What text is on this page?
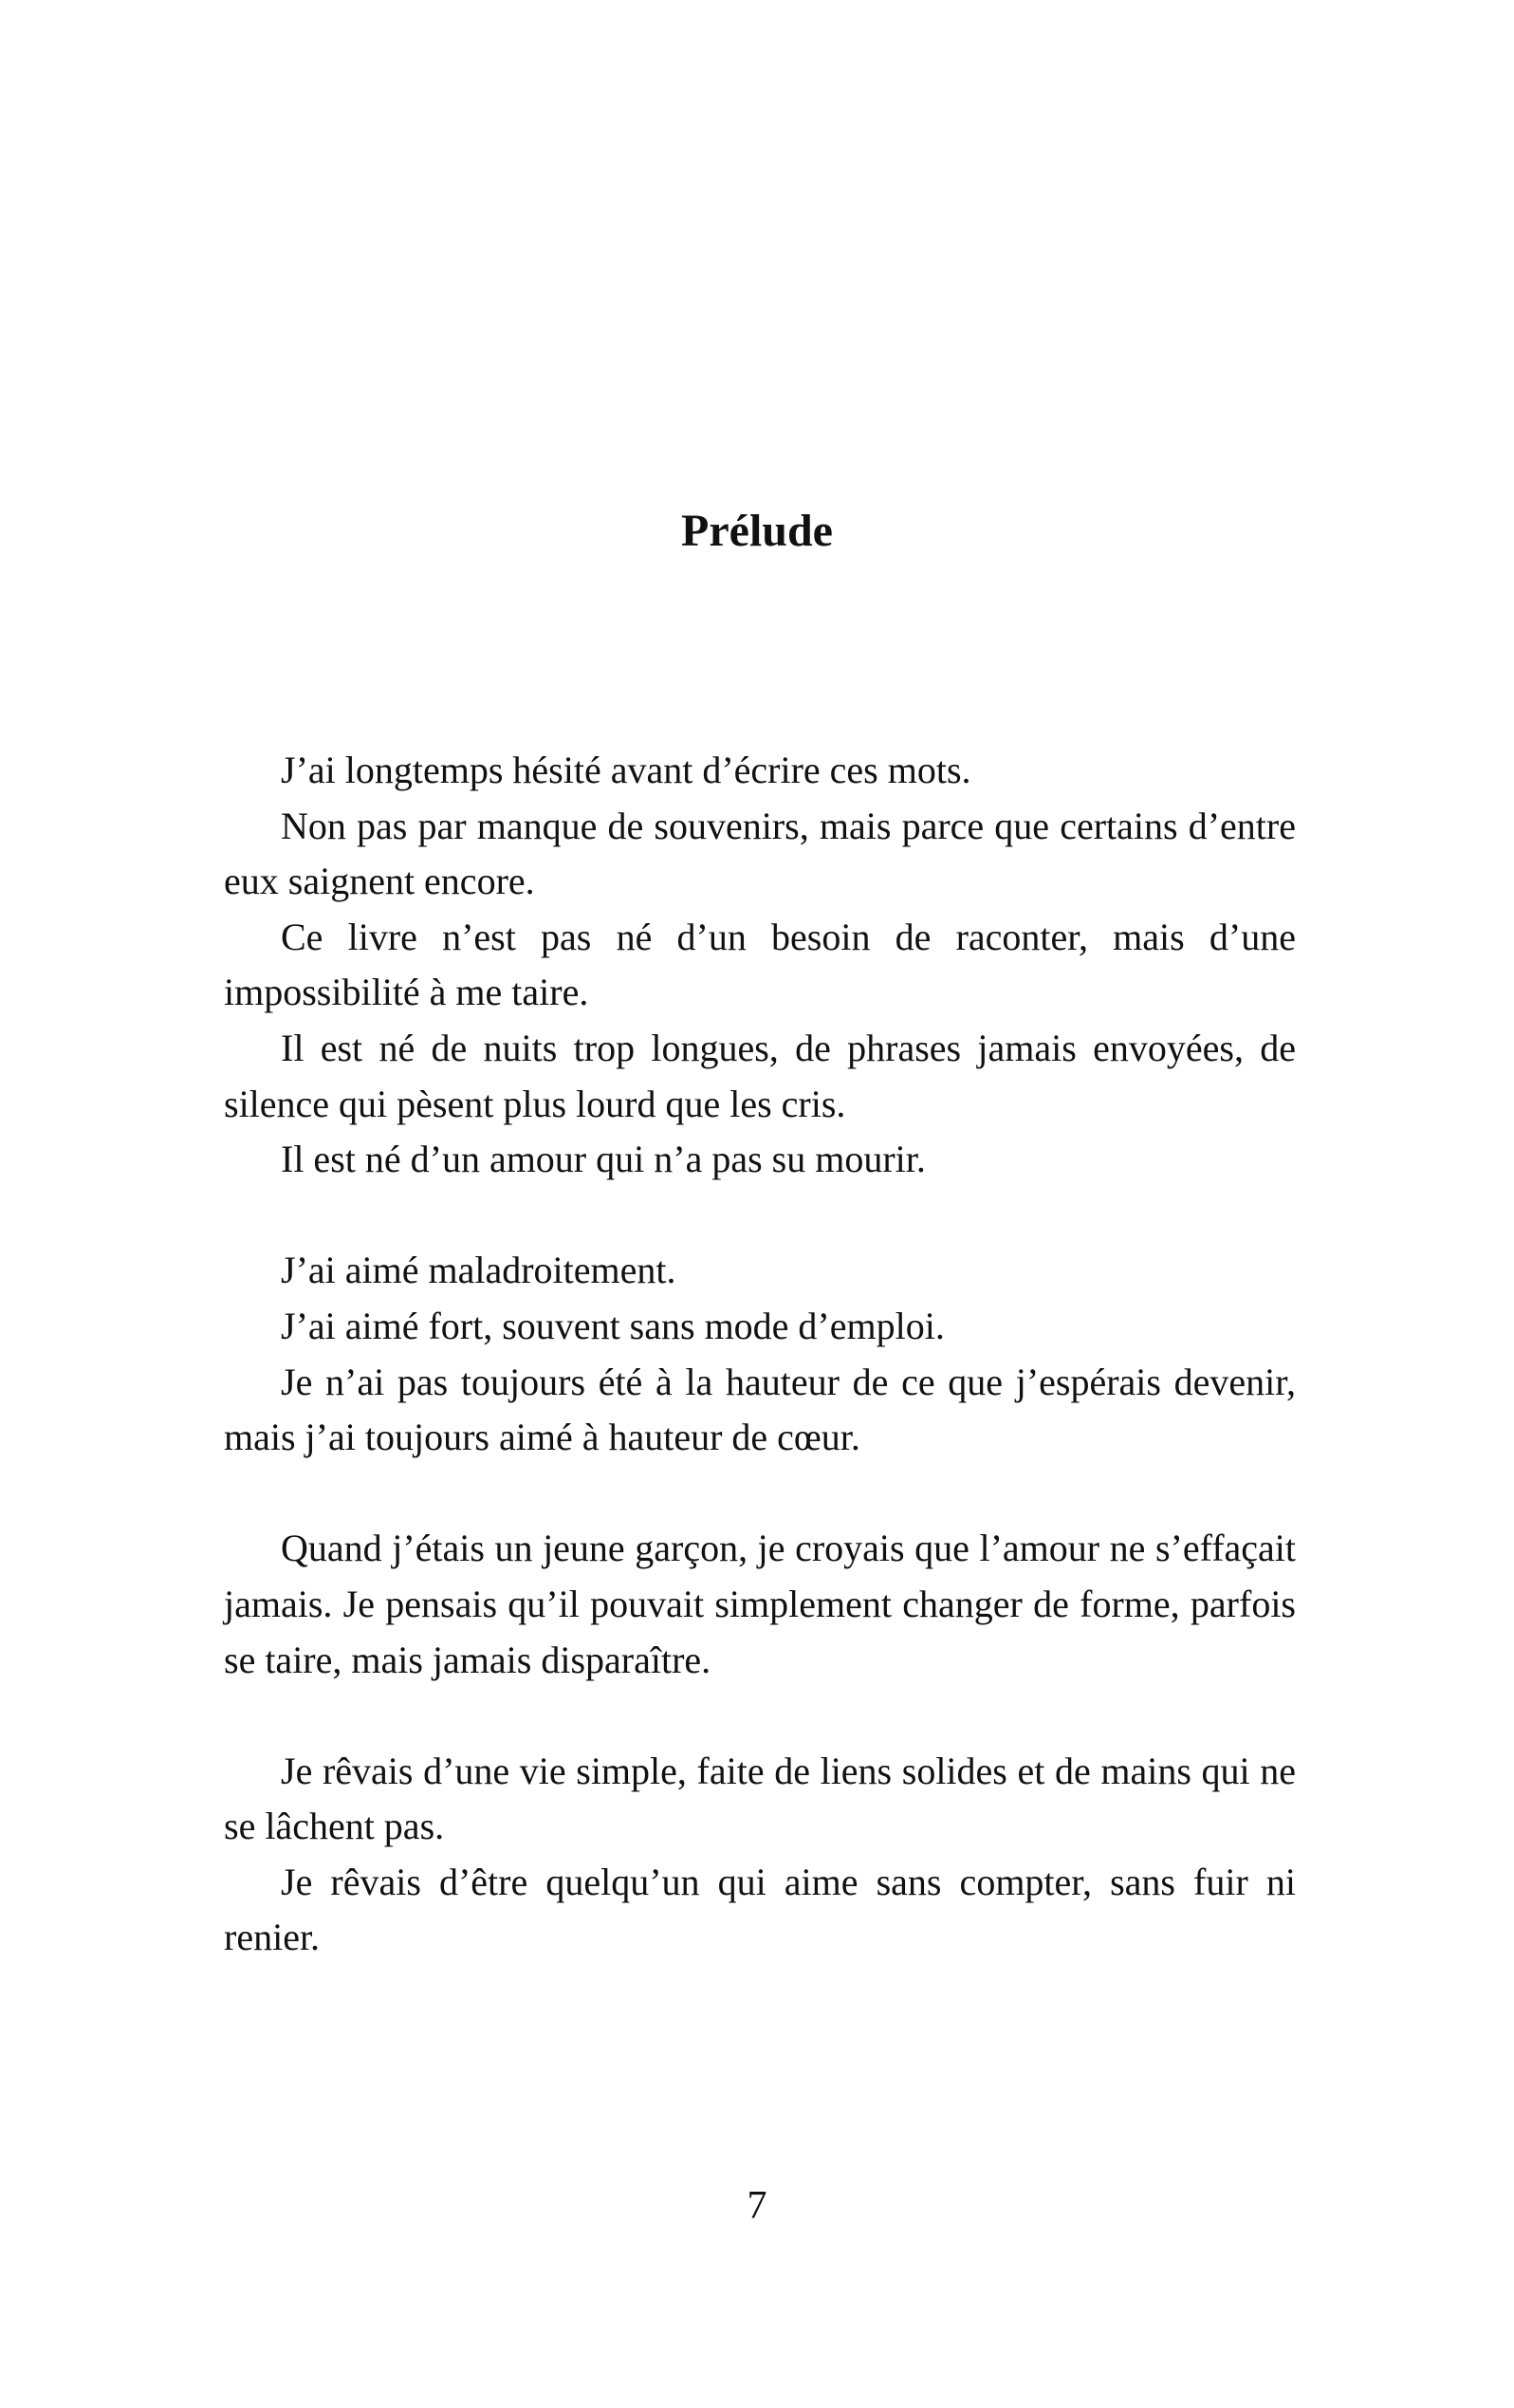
Prélude

J’ai longtemps hésité avant d’écrire ces mots.

Non pas par manque de souvenirs, mais parce que certains d’entre eux saignent encore.

Ce livre n’est pas né d’un besoin de raconter, mais d’une impossibilité à me taire.

Il est né de nuits trop longues, de phrases jamais envoyées, de silence qui pèsent plus lourd que les cris.

Il est né d’un amour qui n’a pas su mourir.

J’ai aimé maladroitement.

J’ai aimé fort, souvent sans mode d’emploi.

Je n’ai pas toujours été à la hauteur de ce que j’espérais devenir, mais j’ai toujours aimé à hauteur de cœur.

Quand j’étais un jeune garçon, je croyais que l’amour ne s’effaçait jamais. Je pensais qu’il pouvait simplement changer de forme, parfois se taire, mais jamais disparaître.

Je rêvais d’une vie simple, faite de liens solides et de mains qui ne se lâchent pas.

Je rêvais d’être quelqu’un qui aime sans compter, sans fuir ni renier.

7
